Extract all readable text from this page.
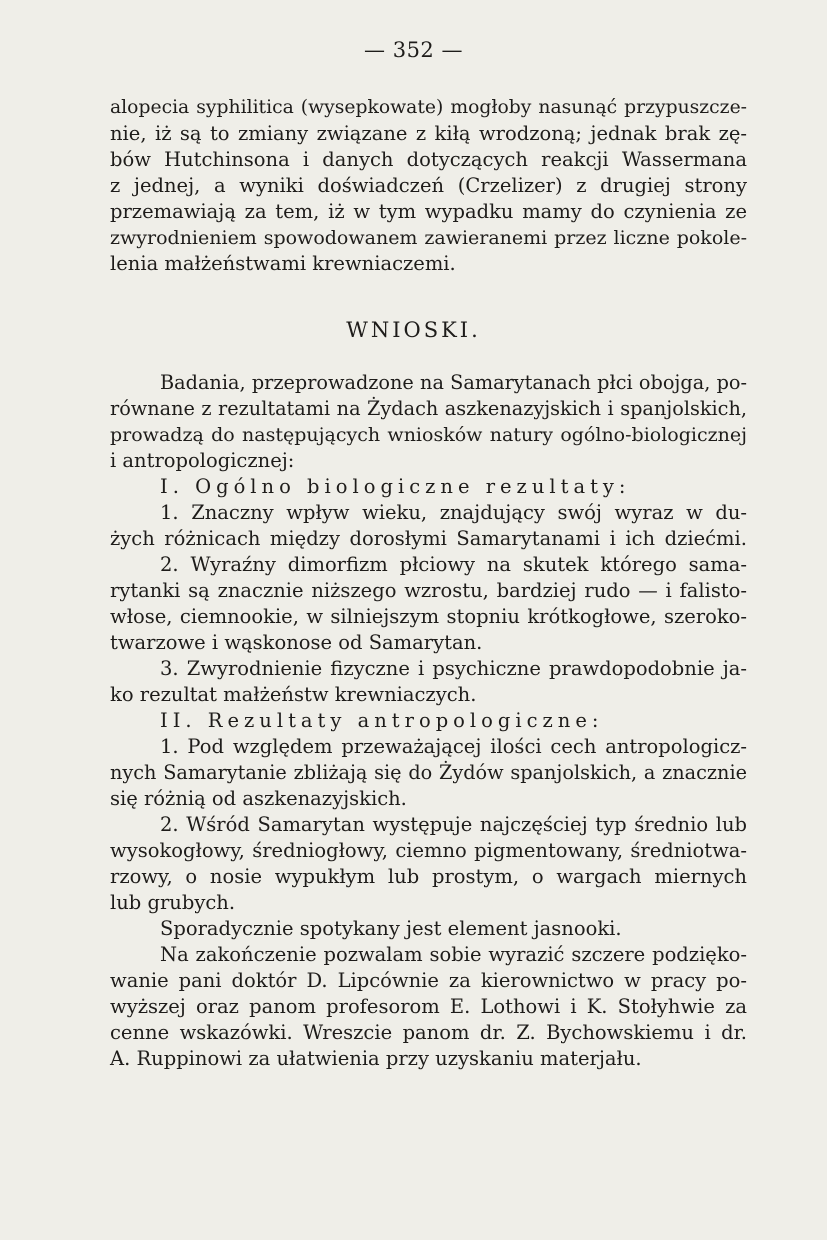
— 352 —
alopecia syphilitica (wysepkowate) mogłoby nasunąć przypuszcze-
nie, iż są to zmiany związane z kiłą wrodzoną; jednak brak zę-
bów Hutchinsona i danych dotyczących reakcji Wassermana
z jednej, a wyniki doświadczeń (Crzelizer) z drugiej strony
przemawiają za tem, iż w tym wypadku mamy do czynienia ze
zwyrodnieniem spowodowanem zawieranemi przez liczne pokole-
lenia małżeństwami krewniaczemi.
WNIOSKI.
Badania, przeprowadzone na Samarytanach płci obojga, po-
równane z rezultatami na Żydach aszkenazyjskich i spanjolskich,
prowadzą do następujących wniosków natury ogólno-biologicznej
i antropologicznej:
I. Ogólno biologiczne rezultaty:
1. Znaczny wpływ wieku, znajdujący swój wyraz w du-
żych różnicach między dorosłymi Samarytanami i ich dziećmi.
2. Wyraźny dimorfizm płciowy na skutek którego sama-
rytanki są znacznie niższego wzrostu, bardziej rudo — i falisto-
włose, ciemnookie, w silniejszym stopniu krótkogłowe, szeroko-
twarzowe i wąskonose od Samarytan.
3. Zwyrodnienie fizyczne i psychiczne prawdopodobnie ja-
ko rezultat małżeństw krewniaczych.
II. Rezultaty antropologiczne:
1. Pod względem przeważającej ilości cech antropologicz-
nych Samarytanie zbliżają się do Żydów spanjolskich, a znacznie
się różnią od aszkenazyjskich.
2. Wśród Samarytan występuje najczęściej typ średnio lub
wysokogłowy, średniogłowy, ciemno pigmentowany, średniotwa-
rzowy, o nosie wypukłym lub prostym, o wargach miernych
lub grubych.
Sporadycznie spotykany jest element jasnooki.
Na zakończenie pozwalam sobie wyrazić szczere podzięko-
wanie pani doktór D. Lipcównie za kierownictwo w pracy po-
wyższej oraz panom profesorom E. Lothowi i K. Stołyhwie za
cenne wskazówki. Wreszcie panom dr. Z. Bychowskiemu i dr.
A. Ruppinowi za ułatwienia przy uzyskaniu materjału.
